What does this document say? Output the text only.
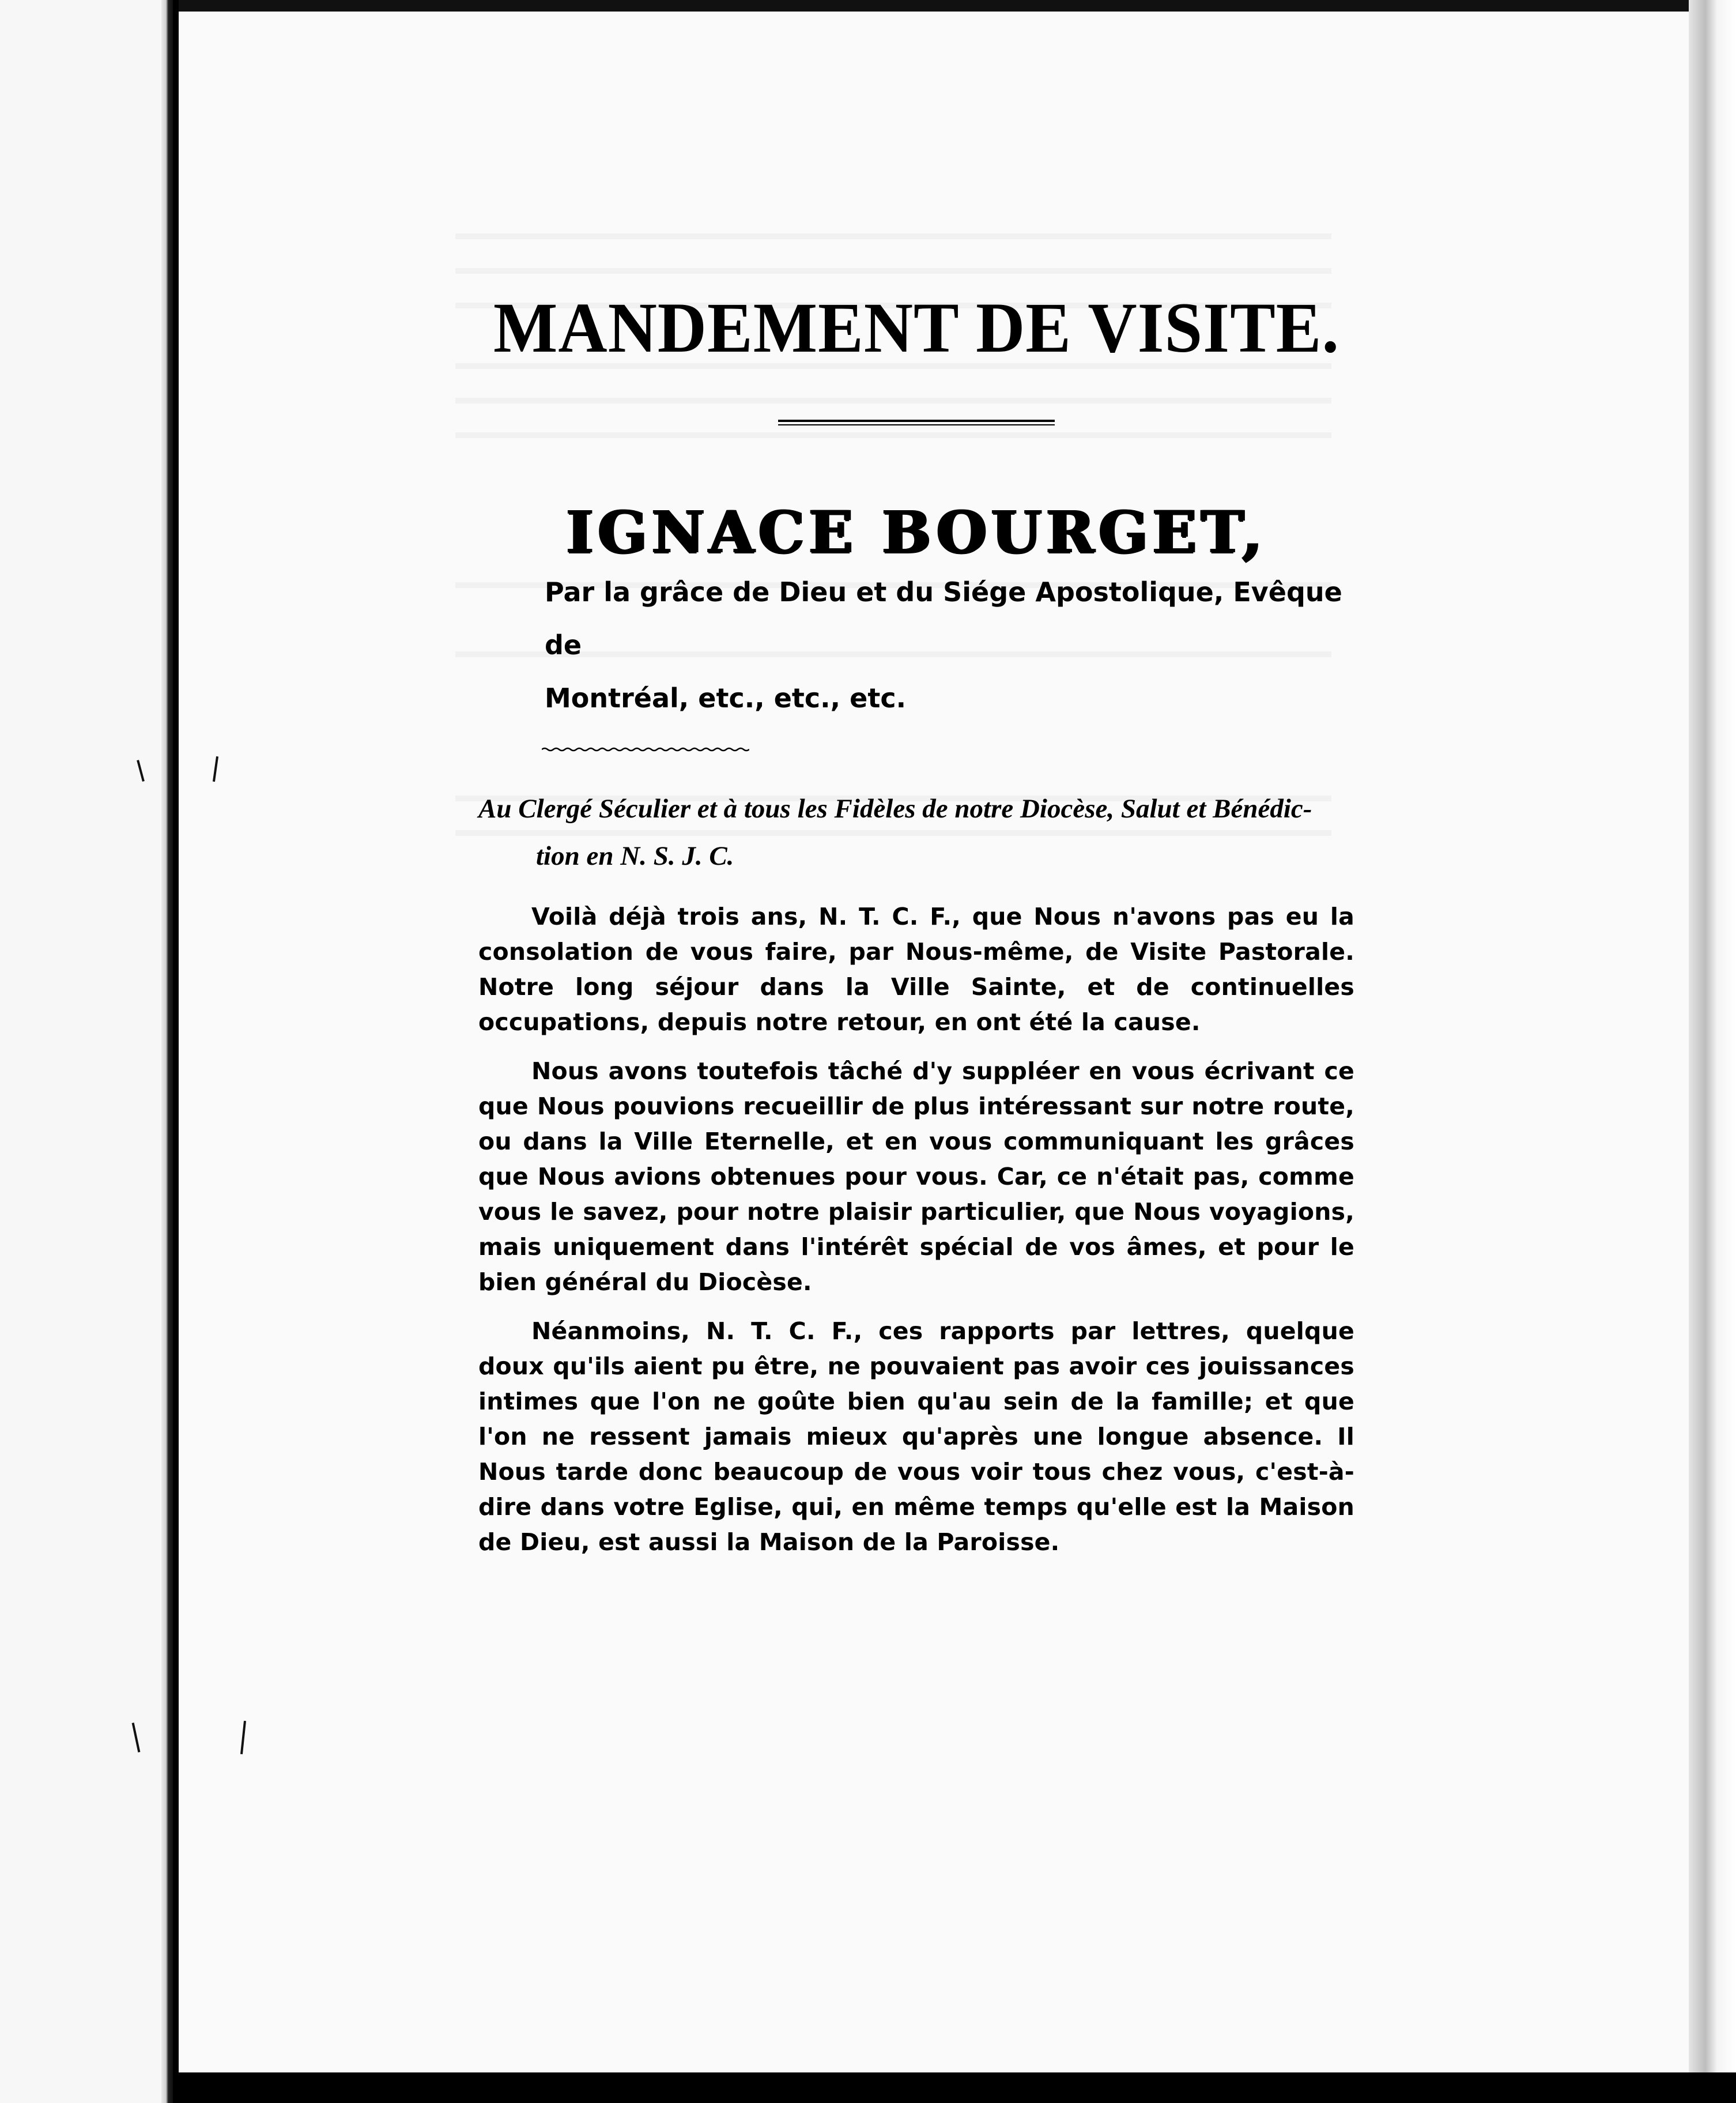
MANDEMENT DE VISITE.
IGNACE BOURGET,
Par la grâce de Dieu et du Siége Apostolique, Evêque de
Montréal, etc., etc., etc.
Au Clergé Séculier et à tous les Fidèles de notre Diocèse, Salut et Bénédic-
tion en N. S. J. C.

Voilà déjà trois ans, N. T. C. F., que Nous n'avons pas eu la consolation de vous faire, par Nous-même, de Visite Pastorale. Notre long séjour dans la Ville Sainte, et de continuelles occupations, depuis notre retour, en ont été la cause.

Nous avons toutefois tâché d'y suppléer en vous écrivant ce que Nous pouvions recueillir de plus intéressant sur notre route, ou dans la Ville Eternelle, et en vous communiquant les grâces que Nous avions obtenues pour vous. Car, ce n'était pas, comme vous le savez, pour notre plaisir particulier, que Nous voyagions, mais uniquement dans l'intérêt spécial de vos âmes, et pour le bien général du Diocèse.

Néanmoins, N. T. C. F., ces rapports par lettres, quelque doux qu'ils aient pu être, ne pouvaient pas avoir ces jouissances intimes que l'on ne goûte bien qu'au sein de la famille; et que l'on ne ressent jamais mieux qu'après une longue absence. Il Nous tarde donc beaucoup de vous voir tous chez vous, c'est-à-dire dans votre Eglise, qui, en même temps qu'elle est la Maison de Dieu, est aussi la Maison de la Paroisse.
